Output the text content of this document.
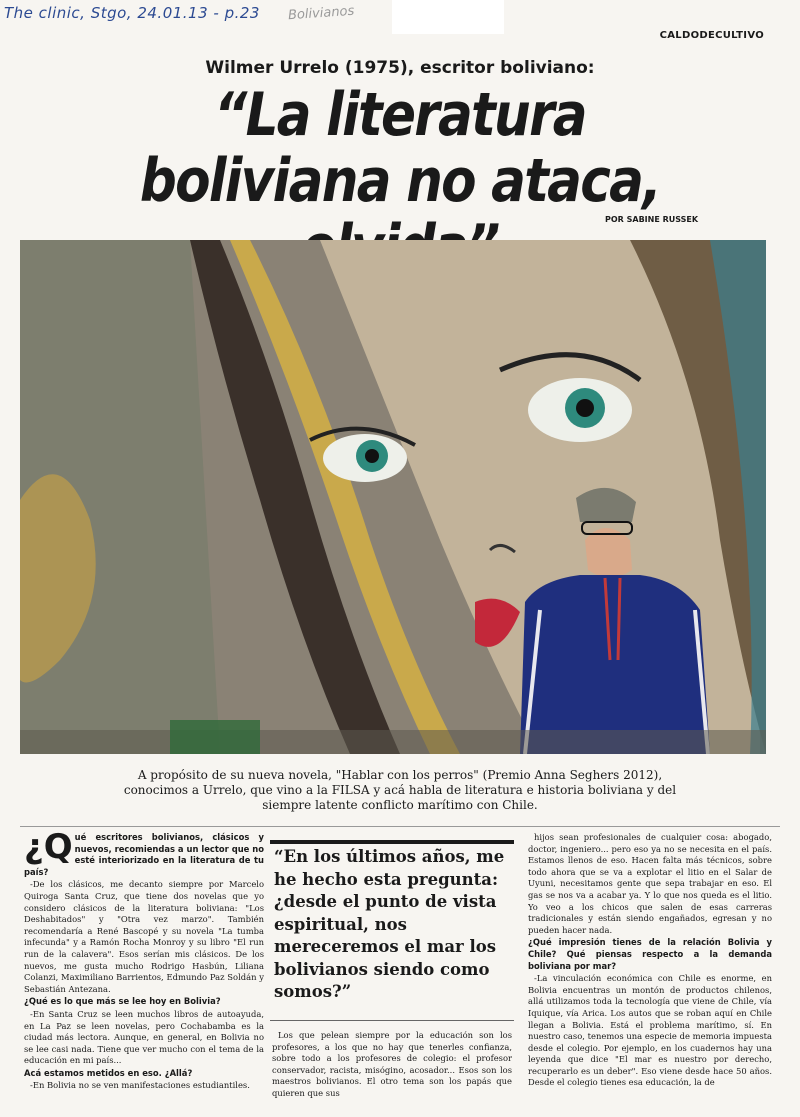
The clinic, Stgo, 24.01.13 - p.23 Bolivianos
CALDODECULTIVO
Wilmer Urrelo (1975), escritor boliviano:
“La literatura boliviana no ataca,
POR SABINE RUSSEK
A propósito de su nueva novela, "Hablar con los perros" (Premio Anna Seghers 2012), conocimos a Urrelo, que vino a la FILSA y acá habla de literatura e historia boliviana y del siempre latente conflicto marítimo con Chile.
¿Q ué escritores bolivianos, clásicos y nuevos, recomiendas a un lector que no esté interiorizado en la literatura de tu país?

-De los clásicos, me decanto siempre por Marcelo Quiroga Santa Cruz, que tiene dos novelas que yo considero clásicos de la literatura boliviana: "Los Deshabitados" y "Otra vez marzo". También recomendaría a René Bascopé y su novela "La tumba infecunda" y a Ramón Rocha Monroy y su libro "El run run de la calavera". Esos serían mis clásicos. De los nuevos, me gusta mucho Rodrigo Hasbún, Liliana Colanzi, Maximiliano Barrientos, Edmundo Paz Soldán y Sebastián Antezana.

¿Qué es lo que más se lee hoy en Bolivia?

-En Santa Cruz se leen muchos libros de autoayuda, en La Paz se leen novelas, pero Cochabamba es la ciudad más lectora. Aunque, en general, en Bolivia no se lee casi nada. Tiene que ver mucho con el tema de la educación en mi país...

Acá estamos metidos en eso. ¿Allá?

-En Bolivia no se ven manifestaciones estudiantiles.

“En los últimos años, me he hecho esta pregunta: ¿desde el punto de vista espiritual, nos mereceremos el mar los bolivianos siendo como somos?”

Los que pelean siempre por la educación son los profesores, a los que no hay que tenerles confianza, sobre todo a los profesores de colegio: el profesor conservador, racista, misógino, acosador... Esos son los maestros bolivianos. El otro tema son los papás que quieren que sus

hijos sean profesionales de cualquier cosa: abogado, doctor, ingeniero... pero eso ya no se necesita en el país. Estamos llenos de eso. Hacen falta más técnicos, sobre todo ahora que se va a explotar el litio en el Salar de Uyuni, necesitamos gente que sepa trabajar en eso. El gas se nos va a acabar ya. Y lo que nos queda es el litio. Yo veo a los chicos que salen de esas carreras tradicionales y están siendo engañados, egresan y no pueden hacer nada.

¿Qué impresión tienes de la relación Bolivia y Chile? Qué piensas respecto a la demanda boliviana por mar?

-La vinculación económica con Chile es enorme, en Bolivia encuentras un montón de productos chilenos, allá utilizamos toda la tecnología que viene de Chile, vía Iquique, vía Arica. Los autos que se roban aquí en Chile llegan a Bolivia. Está el problema marítimo, sí. En nuestro caso, tenemos una especie de memoria impuesta desde el colegio. Por ejemplo, en los cuadernos hay una leyenda que dice "El mar es nuestro por derecho, recuperarlo es un deber". Eso viene desde hace 50 años. Desde el colegio tienes esa educación, la de
